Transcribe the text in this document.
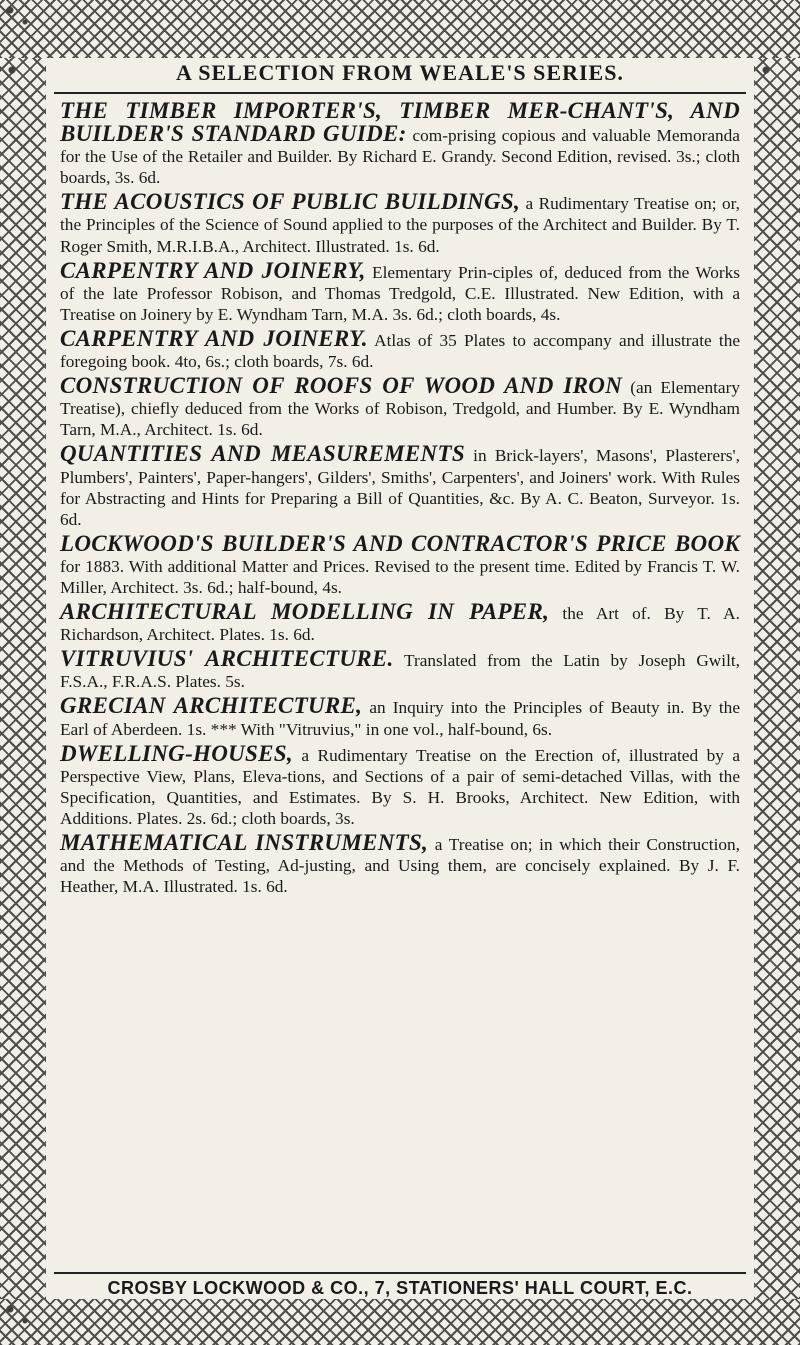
A SELECTION FROM WEALE'S SERIES.

THE TIMBER IMPORTER'S, TIMBER MER-CHANT'S, AND BUILDER'S STANDARD GUIDE: com-prising copious and valuable Memoranda for the Use of the Retailer and Builder. By Richard E. Grandy. Second Edition, revised. 3s.; cloth boards, 3s. 6d.

THE ACOUSTICS OF PUBLIC BUILDINGS, a Rudimentary Treatise on; or, the Principles of the Science of Sound applied to the purposes of the Architect and Builder. By T. Roger Smith, M.R.I.B.A., Architect. Illustrated. 1s. 6d.

CARPENTRY AND JOINERY, Elementary Prin-ciples of, deduced from the Works of the late Professor Robison, and Thomas Tredgold, C.E. Illustrated. New Edition, with a Treatise on Joinery by E. Wyndham Tarn, M.A. 3s. 6d.; cloth boards, 4s.

CARPENTRY AND JOINERY. Atlas of 35 Plates to accompany and illustrate the foregoing book. 4to, 6s.; cloth boards, 7s. 6d.

CONSTRUCTION OF ROOFS OF WOOD AND IRON (an Elementary Treatise), chiefly deduced from the Works of Robison, Tredgold, and Humber. By E. Wyndham Tarn, M.A., Architect. 1s. 6d.

QUANTITIES AND MEASUREMENTS in Brick-layers', Masons', Plasterers', Plumbers', Painters', Paper-hangers', Gilders', Smiths', Carpenters', and Joiners' work. With Rules for Abstracting and Hints for Preparing a Bill of Quantities, &c. By A. C. Beaton, Surveyor. 1s. 6d.

LOCKWOOD'S BUILDER'S AND CONTRACTOR'S PRICE BOOK for 1883. With additional Matter and Prices. Revised to the present time. Edited by Francis T. W. Miller, Architect. 3s. 6d.; half-bound, 4s.

ARCHITECTURAL MODELLING IN PAPER, the Art of. By T. A. Richardson, Architect. Plates. 1s. 6d.

VITRUVIUS' ARCHITECTURE. Translated from the Latin by Joseph Gwilt, F.S.A., F.R.A.S. Plates. 5s.

GRECIAN ARCHITECTURE, an Inquiry into the Principles of Beauty in. By the Earl of Aberdeen. 1s. *** With "Vitruvius," in one vol., half-bound, 6s.

DWELLING-HOUSES, a Rudimentary Treatise on the Erection of, illustrated by a Perspective View, Plans, Eleva-tions, and Sections of a pair of semi-detached Villas, with the Specification, Quantities, and Estimates. By S. H. Brooks, Architect. New Edition, with Additions. Plates. 2s. 6d.; cloth boards, 3s.

MATHEMATICAL INSTRUMENTS, a Treatise on; in which their Construction, and the Methods of Testing, Ad-justing, and Using them, are concisely explained. By J. F. Heather, M.A. Illustrated. 1s. 6d.

CROSBY LOCKWOOD & CO., 7, STATIONERS' HALL COURT, E.C.
